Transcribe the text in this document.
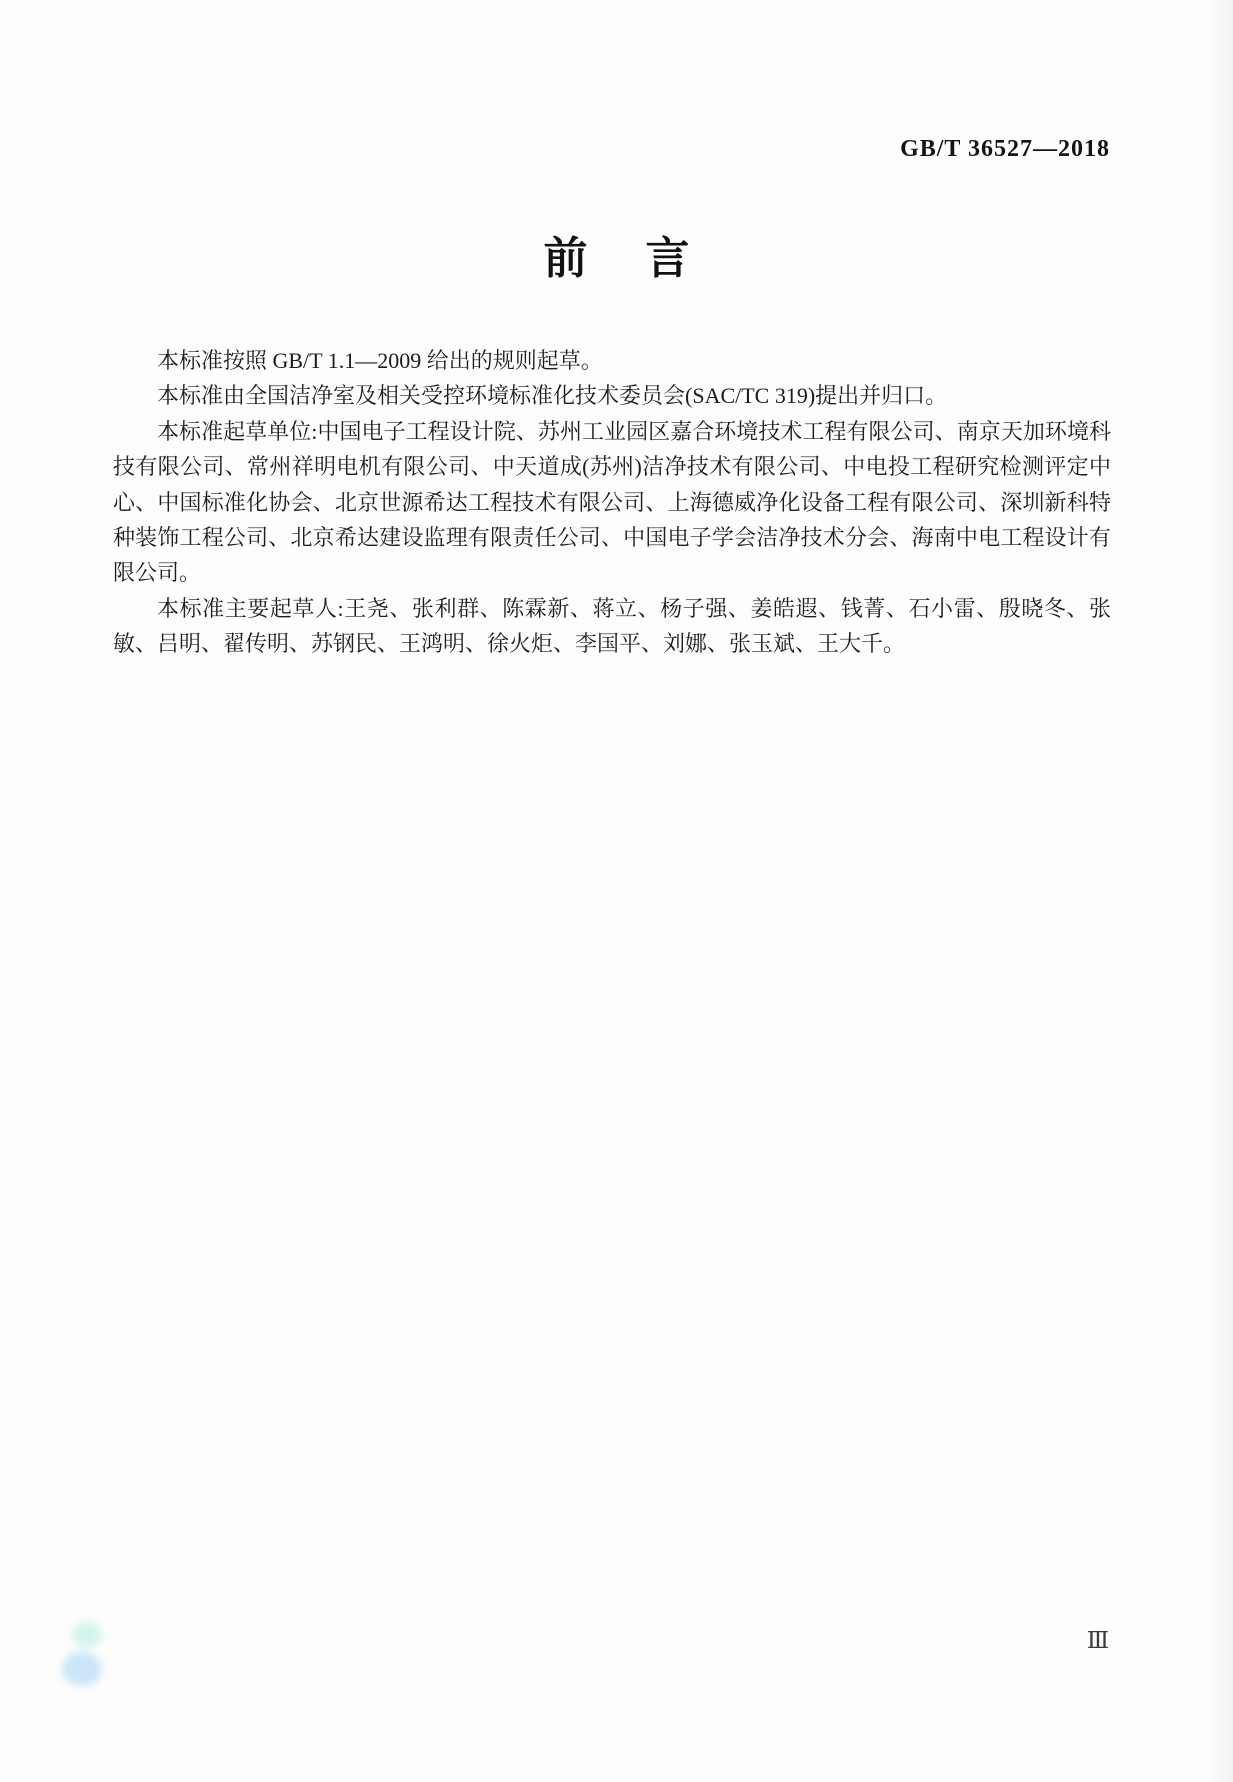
GB/T 36527—2018
前言

本标准按照 GB/T 1.1—2009 给出的规则起草。

本标准由全国洁净室及相关受控环境标准化技术委员会(SAC/TC 319)提出并归口。

本标准起草单位:中国电子工程设计院、苏州工业园区嘉合环境技术工程有限公司、南京天加环境科技有限公司、常州祥明电机有限公司、中天道成(苏州)洁净技术有限公司、中电投工程研究检测评定中心、中国标准化协会、北京世源希达工程技术有限公司、上海德威净化设备工程有限公司、深圳新科特种装饰工程公司、北京希达建设监理有限责任公司、中国电子学会洁净技术分会、海南中电工程设计有限公司。

本标准主要起草人:王尧、张利群、陈霖新、蒋立、杨子强、姜皓遐、钱菁、石小雷、殷晓冬、张敏、吕明、翟传明、苏钢民、王鸿明、徐火炬、李国平、刘娜、张玉斌、王大千。

Ⅲ
